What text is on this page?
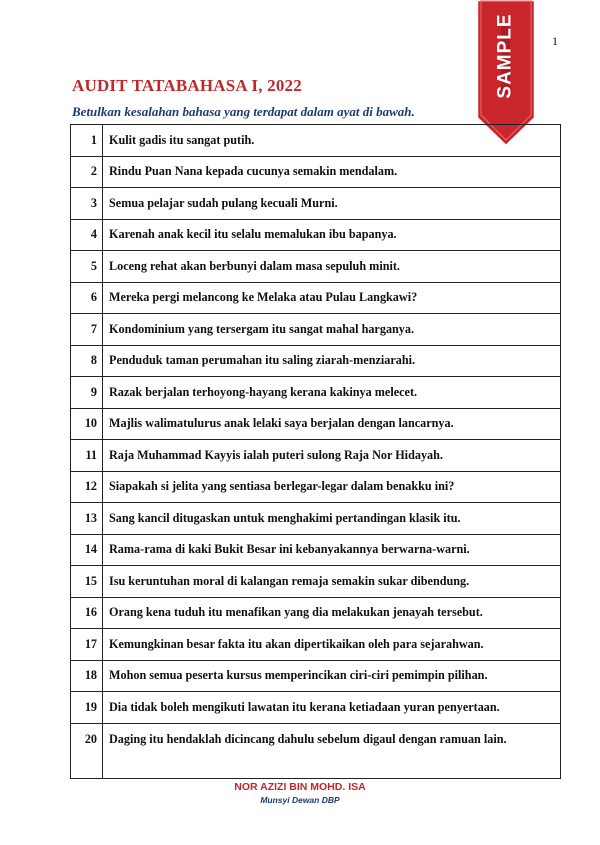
1
AUDIT TATABAHASA I, 2022

Betulkan kesalahan bahasa yang terdapat dalam ayat di bawah.

SAMPLE
1	Kulit gadis itu sangat putih.
2	Rindu Puan Nana kepada cucunya semakin mendalam.
3	Semua pelajar sudah pulang kecuali Murni.
4	Karenah anak kecil itu selalu memalukan ibu bapanya.
5	Loceng rehat akan berbunyi dalam masa sepuluh minit.
6	Mereka pergi melancong ke Melaka atau Pulau Langkawi?
7	Kondominium yang tersergam itu sangat mahal harganya.
8	Penduduk taman perumahan itu saling ziarah-menziarahi.
9	Razak berjalan terhoyong-hayang kerana kakinya melecet.
10	Majlis walimatulurus anak lelaki saya berjalan dengan lancarnya.
11	Raja Muhammad Kayyis ialah puteri sulong Raja Nor Hidayah.
12	Siapakah si jelita yang sentiasa berlegar-legar dalam benakku ini?
13	Sang kancil ditugaskan untuk menghakimi pertandingan klasik itu.
14	Rama-rama di kaki Bukit Besar ini kebanyakannya berwarna-warni.
15	Isu keruntuhan moral di kalangan remaja semakin sukar dibendung.
16	Orang kena tuduh itu menafikan yang dia melakukan jenayah tersebut.
17	Kemungkinan besar fakta itu akan dipertikaikan oleh para sejarahwan.
18	Mohon semua peserta kursus memperincikan ciri-ciri pemimpin pilihan.
19	Dia tidak boleh mengikuti lawatan itu kerana ketiadaan yuran penyertaan.
20	Daging itu hendaklah dicincang dahulu sebelum digaul dengan ramuan lain.

NOR AZIZI BIN MOHD. ISA

Munsyi Dewan DBP
